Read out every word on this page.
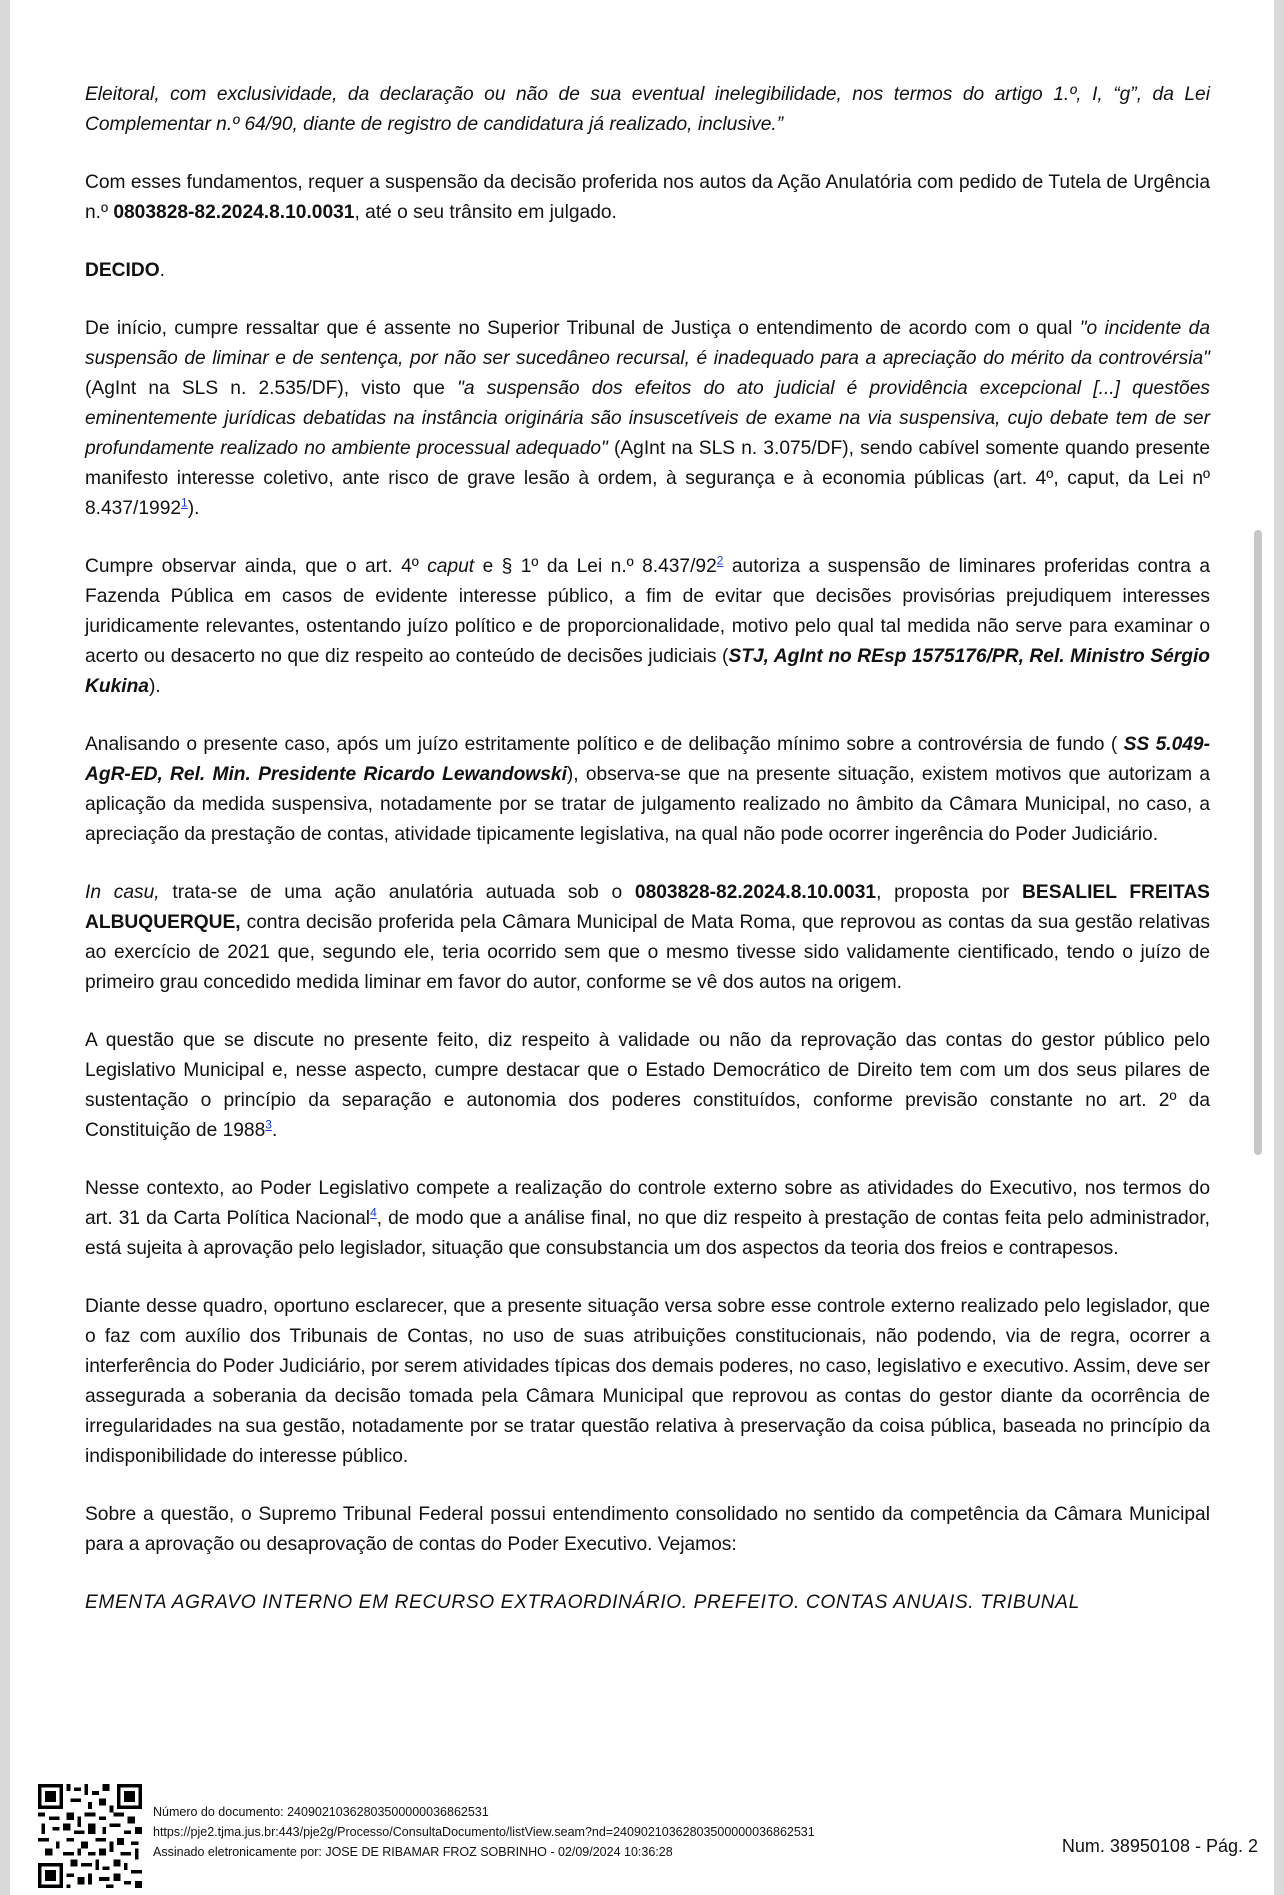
Eleitoral, com exclusividade, da declaração ou não de sua eventual inelegibilidade, nos termos do artigo 1.º, I, “g”, da Lei Complementar n.º 64/90, diante de registro de candidatura já realizado, inclusive.”

Com esses fundamentos, requer a suspensão da decisão proferida nos autos da Ação Anulatória com pedido de Tutela de Urgência n.º 0803828-82.2024.8.10.0031, até o seu trânsito em julgado.

DECIDO.

De início, cumpre ressaltar que é assente no Superior Tribunal de Justiça o entendimento de acordo com o qual "o incidente da suspensão de liminar e de sentença, por não ser sucedâneo recursal, é inadequado para a apreciação do mérito da controvérsia" (AgInt na SLS n. 2.535/DF), visto que "a suspensão dos efeitos do ato judicial é providência excepcional [...] questões eminentemente jurídicas debatidas na instância originária são insuscetíveis de exame na via suspensiva, cujo debate tem de ser profundamente realizado no ambiente processual adequado" (AgInt na SLS n. 3.075/DF), sendo cabível somente quando presente manifesto interesse coletivo, ante risco de grave lesão à ordem, à segurança e à economia públicas (art. 4º, caput, da Lei nº 8.437/1992$^1$).

Cumpre observar ainda, que o art. 4º caput e § 1º da Lei n.º 8.437/92$^2$ autoriza a suspensão de liminares proferidas contra a Fazenda Pública em casos de evidente interesse público, a fim de evitar que decisões provisórias prejudiquem interesses juridicamente relevantes, ostentando juízo político e de proporcionalidade, motivo pelo qual tal medida não serve para examinar o acerto ou desacerto no que diz respeito ao conteúdo de decisões judiciais (STJ, AgInt no REsp 1575176/PR, Rel. Ministro Sérgio Kukina).

Analisando o presente caso, após um juízo estritamente político e de delibação mínimo sobre a controvérsia de fundo ( SS 5.049-AgR-ED, Rel. Min. Presidente Ricardo Lewandowski), observa-se que na presente situação, existem motivos que autorizam a aplicação da medida suspensiva, notadamente por se tratar de julgamento realizado no âmbito da Câmara Municipal, no caso, a apreciação da prestação de contas, atividade tipicamente legislativa, na qual não pode ocorrer ingerência do Poder Judiciário.

In casu, trata-se de uma ação anulatória autuada sob o 0803828-82.2024.8.10.0031, proposta por BESALIEL FREITAS ALBUQUERQUE, contra decisão proferida pela Câmara Municipal de Mata Roma, que reprovou as contas da sua gestão relativas ao exercício de 2021 que, segundo ele, teria ocorrido sem que o mesmo tivesse sido validamente cientificado, tendo o juízo de primeiro grau concedido medida liminar em favor do autor, conforme se vê dos autos na origem.

A questão que se discute no presente feito, diz respeito à validade ou não da reprovação das contas do gestor público pelo Legislativo Municipal e, nesse aspecto, cumpre destacar que o Estado Democrático de Direito tem com um dos seus pilares de sustentação o princípio da separação e autonomia dos poderes constituídos, conforme previsão constante no art. 2º da Constituição de 1988$^3$.

Nesse contexto, ao Poder Legislativo compete a realização do controle externo sobre as atividades do Executivo, nos termos do art. 31 da Carta Política Nacional$^4$, de modo que a análise final, no que diz respeito à prestação de contas feita pelo administrador, está sujeita à aprovação pelo legislador, situação que consubstancia um dos aspectos da teoria dos freios e contrapesos.

Diante desse quadro, oportuno esclarecer, que a presente situação versa sobre esse controle externo realizado pelo legislador, que o faz com auxílio dos Tribunais de Contas, no uso de suas atribuições constitucionais, não podendo, via de regra, ocorrer a interferência do Poder Judiciário, por serem atividades típicas dos demais poderes, no caso, legislativo e executivo. Assim, deve ser assegurada a soberania da decisão tomada pela Câmara Municipal que reprovou as contas do gestor diante da ocorrência de irregularidades na sua gestão, notadamente por se tratar questão relativa à preservação da coisa pública, baseada no princípio da indisponibilidade do interesse público.

Sobre a questão, o Supremo Tribunal Federal possui entendimento consolidado no sentido da competência da Câmara Municipal para a aprovação ou desaprovação de contas do Poder Executivo. Vejamos:

EMENTA AGRAVO INTERNO EM RECURSO EXTRAORDINÁRIO. PREFEITO. CONTAS ANUAIS. TRIBUNAL

Número do documento: 24090210362803500000036862531
https://pje2.tjma.jus.br:443/pje2g/Processo/ConsultaDocumento/listView.seam?nd=24090210362803500000036862531
Assinado eletronicamente por: JOSE DE RIBAMAR FROZ SOBRINHO - 02/09/2024 10:36:28	Num. 38950108 - Pág. 2
